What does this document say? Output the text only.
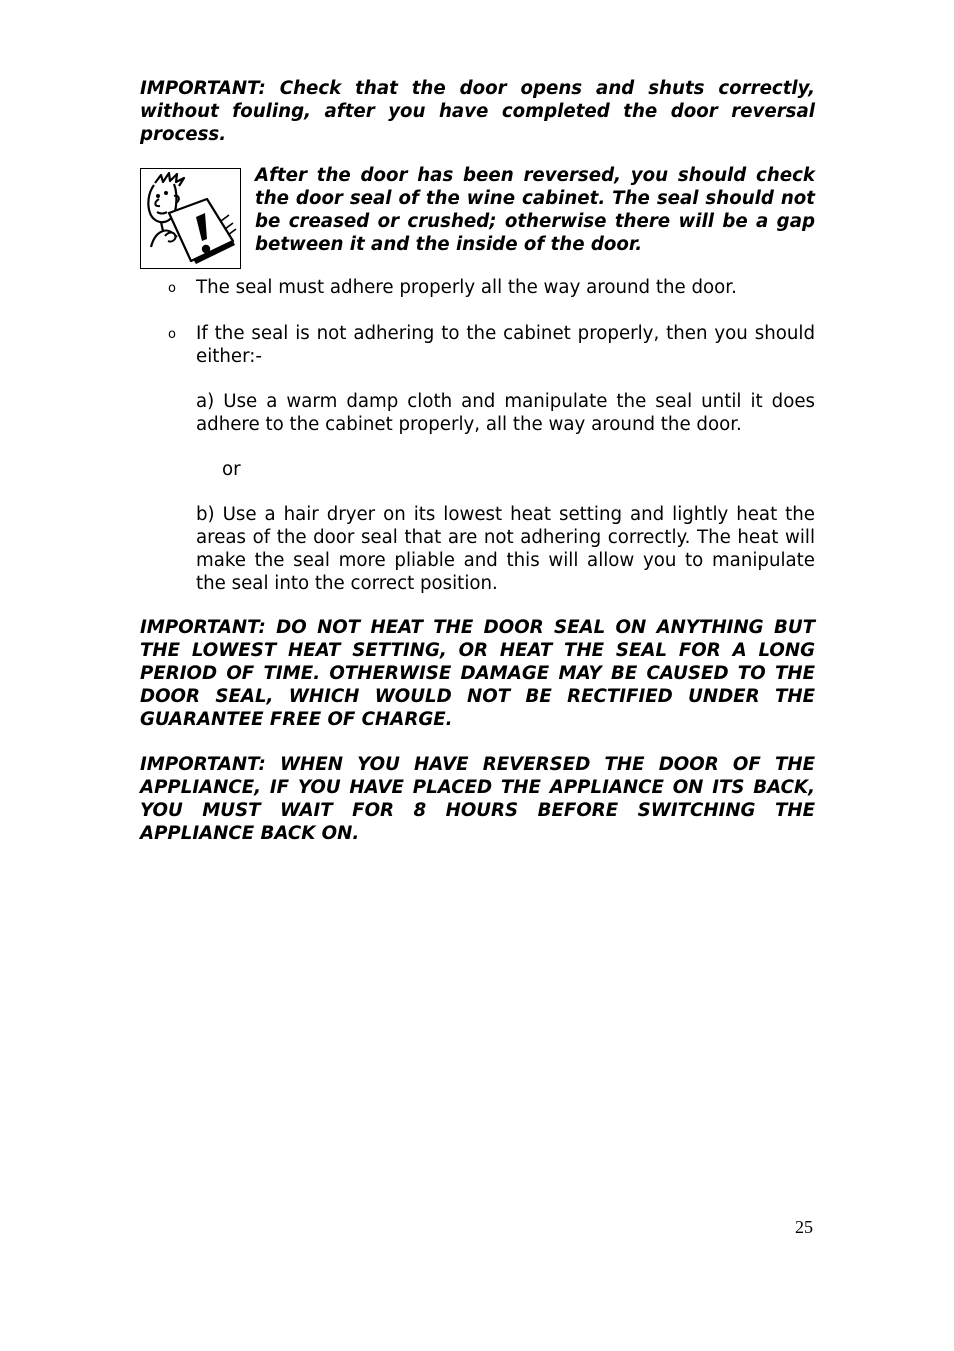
IMPORTANT: Check that the door opens and shuts correctly, without fouling, after you have completed the door reversal process.

After the door has been reversed, you should check the door seal of the wine cabinet. The seal should not be creased or crushed; otherwise there will be a gap between it and the inside of the door.

o The seal must adhere properly all the way around the door.

o If the seal is not adhering to the cabinet properly, then you should either:-

a) Use a warm damp cloth and manipulate the seal until it does adhere to the cabinet properly, all the way around the door.

or

b) Use a hair dryer on its lowest heat setting and lightly heat the areas of the door seal that are not adhering correctly. The heat will make the seal more pliable and this will allow you to manipulate the seal into the correct position.

IMPORTANT: DO NOT HEAT THE DOOR SEAL ON ANYTHING BUT THE LOWEST HEAT SETTING, OR HEAT THE SEAL FOR A LONG PERIOD OF TIME. OTHERWISE DAMAGE MAY BE CAUSED TO THE DOOR SEAL, WHICH WOULD NOT BE RECTIFIED UNDER THE GUARANTEE FREE OF CHARGE.

IMPORTANT: WHEN YOU HAVE REVERSED THE DOOR OF THE APPLIANCE, IF YOU HAVE PLACED THE APPLIANCE ON ITS BACK, YOU MUST WAIT FOR 8 HOURS BEFORE SWITCHING THE APPLIANCE BACK ON.

25
